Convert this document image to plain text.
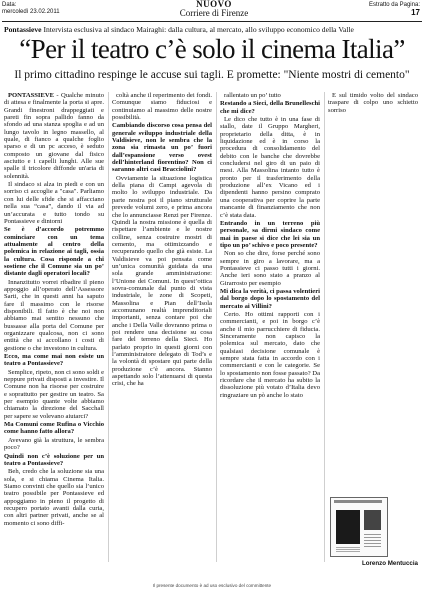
Data:
mercoledì 23.02.2011
NUOVO
Corriere di Firenze
Estratto da Pagina:
17
Pontassieve Intervista esclusiva al sindaco Mairaghi: dalla cultura, al mercato, allo sviluppo economico della Valle
“Per il teatro c’è solo il cinema Italia”
Il primo cittadino respinge le accuse sui tagli. E promette: "Niente mostri di cemento"

PONTASSIEVE - Qualche minuto di attesa e finalmente la porta si apre. Grandi finestroni drappeggiati e pareti fin sopra pallido fanno da sfondo ad una stanza spoglia e ad un lungo tavolo in legno massello, al quale, di fianco a qualche foglio sparso e di un pc acceso, è seduto composto un giovane dal fisico asciutto e i capelli lunghi. Alle sue spalle il tricolore diffonde un'aria di solennità.

Il sindaco si alza in piedi e con un sorriso ci accoglie a "casa". Parliamo con lui delle sfide che si affacciano nella sua “casa”, dando il via ad un’accurata e tutto tondo su Pontassieve e dintorni

Se è d’accordo potremmo cominciare con un tema attualmente al centro della polemica in relazione ai tagli, ossia la cultura. Cosa risponde a chi sostiene che il Comune sia un po’ distante dagli operatori locali?

Innanzitutto vorrei ribadire il pieno appoggio all’operato dell’Assessore Sarti, che in questi anni ha saputo fare il massimo con le risorse disponibili. Il fatto è che noi non abbiamo mai sentito nessuno che bussasse alla porta del Comune per organizzare qualcosa, non ci sono entità che si accollano i costi di gestione o che investono in cultura.

Ecco, ma come mai non esiste un teatro a Pontassieve?

Semplice, ripeto, non ci sono soldi e neppure privati disposti a investire. Il Comune non ha risorse per costruire e soprattutto per gestire un teatro. Sa per esempio quante volte abbiamo chiamato la direzione del Sacchall per sapere se volevano aiutarci?

Ma Comuni come Rufina o Vicchio come hanno fatto allora?

Avevano già la struttura, le sembra poco?

Quindi non c’è soluzione per un teatro a Pontassieve?

Beh, credo che la soluzione sia una sola, e si chiama Cinema Italia. Siamo convinti che quello sia l’unico teatro possibile per Pontassieve ed appoggiamo in pieno il progetto di recupero portato avanti dalla curia, con altri partner privati, anche se al momento ci sono diffi-

coltà anche il reperimento dei fondi. Comunque siamo fiduciosi e continuiamo al massimo delle nostre possibilità.

Cambiando discorso cosa pensa del generale sviluppo industriale della Valdisieve, non le sembra che la zona sia rimasta un po’ fuori dall’espansione verso ovest dell’hinterland fiorentino? Non ci saranno altri casi Bracciolini?

Ovviamente la situazione logistica della piana di Campi agevola di molto lo sviluppo industriale. Da parte nostra poi il piano strutturale prevede volumi zero, e prima ancora che lo annunciasse Renzi per Firenze. Quindi la nostra missione è quella di rispettare l’ambiente e le nostre colline, senza costruire mostri di cemento, ma ottimizzando e recuperando quello che già esiste. La Valdisieve va poi pensata come un’unica comunità guidata da una sola grande amministrazione: l’Unione dei Comuni. In quest’ottica sovra-comunale dal punto di vista industriale, le zone di Scopeti, Massolina e Pian dell’Isola accomunano realtà imprenditoriali importanti, senza contare poi che anche i Della Valle dovranno prima o poi rendere una decisione su cosa fare del terreno della Sieci. Ho parlato proprio in questi giorni con l’amministratore delegato di Tod’s e la volontà di spostare qui parte della produzione c’è ancora. Stanno aspettando solo l’attenuarsi di questa crisi, che ha

rallentato un po’ tutto

Restando a Sieci, della Brunelleschi che mi dice?

Le dico che tutto è in una fase di stallo, date il Gruppo Margheri, proprietario della ditta, è in liquidazione ed è in corso la procedura di consolidamento del debito con le banche che dovrebbe concludersi nel giro di un paio di mesi. Alla Massolina intanto tutto è pronto per il trasferimento della produzione all’ex Vicano ed i dipendenti hanno persino comprato una cooperativa per coprire la parte mancante di finanziamento che non c’è stata data.

Entrando in un terreno più personale, sa dirmi sindaco come mai in paese si dice che lei sia un tipo un po’ schivo e poco presente?

Non so che dire, forse perché sono sempre in giro a lavorare, ma a Pontassieve ci passo tutti i giorni. Anche ieri sono stato a pranzo al Girarrosto per esempio

Mi dica la verità, ci passa volentieri dal borgo dopo lo spostamento del mercato ai Villini?

Certo. Ho ottimi rapporti con i commercianti, e poi in borgo c’è anche il mio parrucchiere di fiducia. Sinceramente non capisco la polemica sul mercato, dato che qualsiasi decisione comunale è sempre stata fatta in accordo con i commercianti e con le categorie. Se lo spostamento non fosse passato? Da ricordare che il mercato ha subito la dissoluzione più votato d’Italia devo ringraziare un pò anche lo stato

E sul timido volto del sindaco traspare di colpo uno schietto sorriso

Lorenzo Mentuccia
Il presente documento è ad uso esclusivo del committente
